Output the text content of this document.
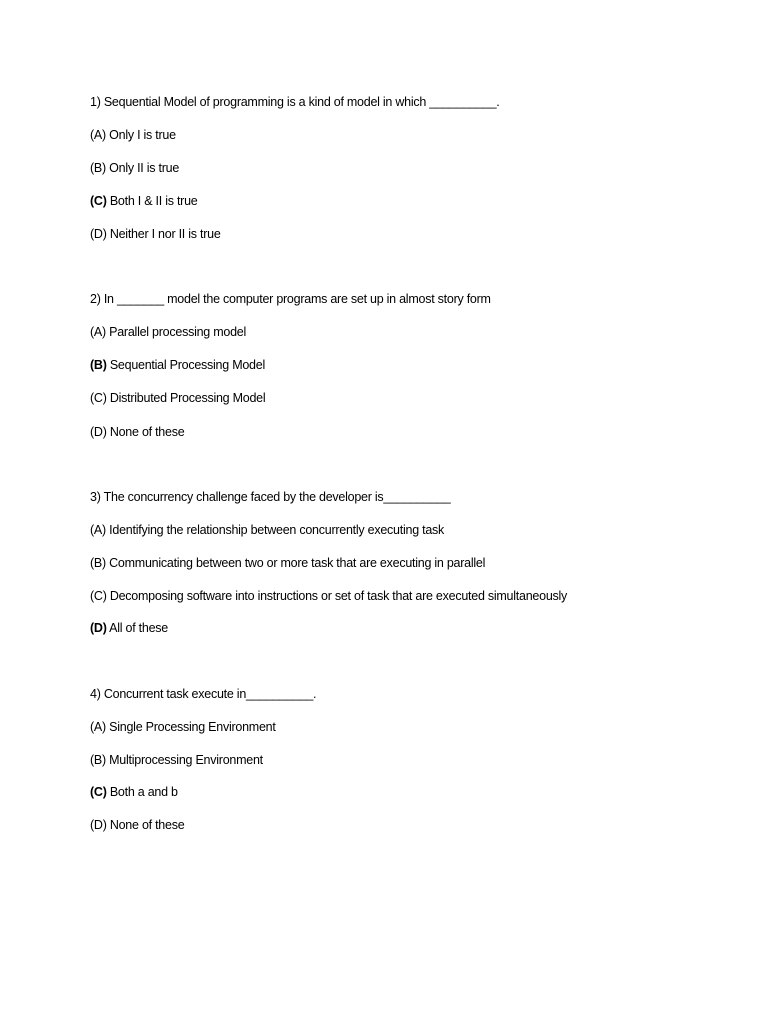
1) Sequential Model of programming is a kind of model in which __________.

(A) Only I is true

(B) Only II is true

(C) Both I & II is true

(D) Neither I nor II is true

2) In _______ model the computer programs are set up in almost story form

(A) Parallel processing model

(B) Sequential Processing Model

(C) Distributed Processing Model

(D) None of these

3) The concurrency challenge faced by the developer is__________

(A) Identifying the relationship between concurrently executing task

(B) Communicating between two or more task that are executing in parallel

(C) Decomposing software into instructions or set of task that are executed simultaneously

(D) All of these

4) Concurrent task execute in__________.

(A) Single Processing Environment

(B) Multiprocessing Environment

(C) Both a and b

(D) None of these
